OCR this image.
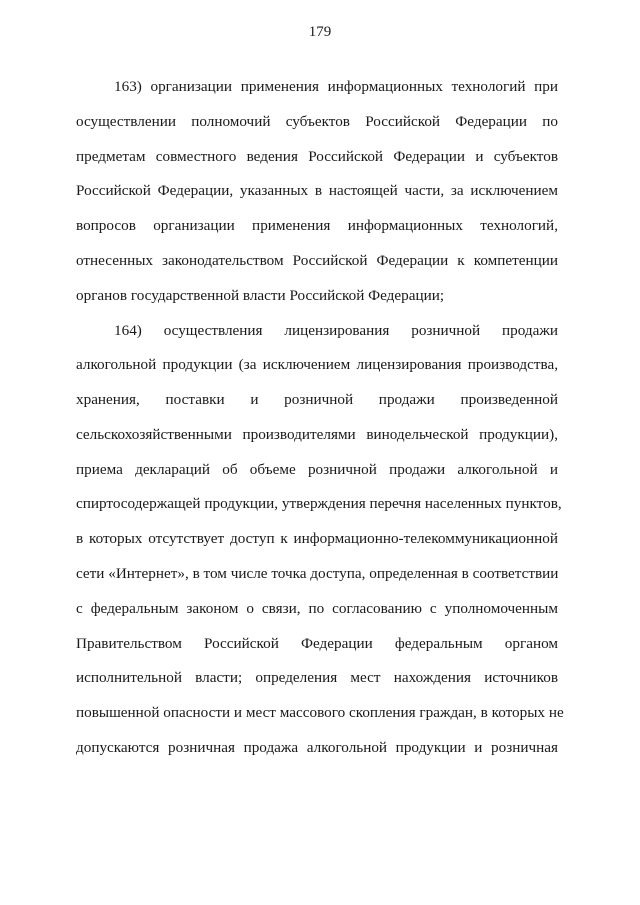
179
163) организации применения информационных технологий при
осуществлении полномочий субъектов Российской Федерации по
предметам совместного ведения Российской Федерации и субъектов
Российской Федерации, указанных в настоящей части, за исключением
вопросов организации применения информационных технологий,
отнесенных законодательством Российской Федерации к компетенции
органов государственной власти Российской Федерации;
164) осуществления лицензирования розничной продажи
алкогольной продукции (за исключением лицензирования производства,
хранения, поставки и розничной продажи произведенной
сельскохозяйственными производителями винодельческой продукции),
приема деклараций об объеме розничной продажи алкогольной и
спиртосодержащей продукции, утверждения перечня населенных пунктов,
в которых отсутствует доступ к информационно-телекоммуникационной
сети «Интернет», в том числе точка доступа, определенная в соответствии
с федеральным законом о связи, по согласованию с уполномоченным
Правительством Российской Федерации федеральным органом
исполнительной власти; определения мест нахождения источников
повышенной опасности и мест массового скопления граждан, в которых не
допускаются розничная продажа алкогольной продукции и розничная
